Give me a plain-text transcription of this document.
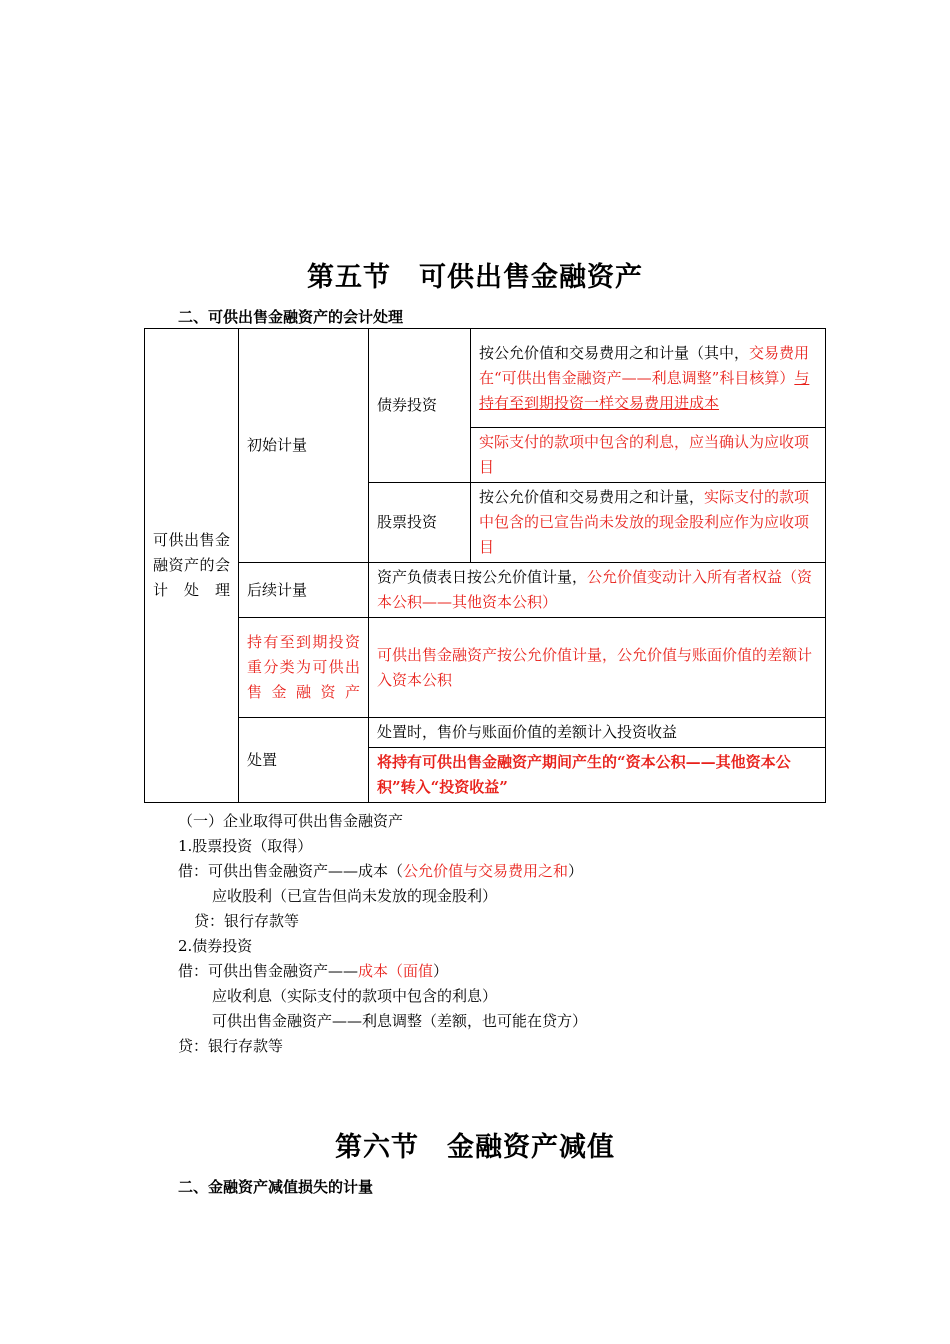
第五节　可供出售金融资产
二、可供出售金融资产的会计处理
可供出售金融资产的会计处理	初始计量	债券投资	按公允价值和交易费用之和计量（其中，交易费用在“可供出售金融资产——利息调整”科目核算）与持有至到期投资一样交易费用进成本
			实际支付的款项中包含的利息，应当确认为应收项目
		股票投资	按公允价值和交易费用之和计量，实际支付的款项中包含的已宣告尚未发放的现金股利应作为应收项目
	后续计量	资产负债表日按公允价值计量，公允价值变动计入所有者权益（资本公积——其他资本公积）	
	持有至到期投资重分类为可供出售金融资产	可供出售金融资产按公允价值计量，公允价值与账面价值的差额计入资本公积	
	处置	处置时，售价与账面价值的差额计入投资收益	
		将持有可供出售金融资产期间产生的“资本公积——其他资本公积”转入“投资收益”	
（一）企业取得可供出售金融资产
1.股票投资（取得）
借：可供出售金融资产——成本（公允价值与交易费用之和）
应收股利（已宣告但尚未发放的现金股利）
贷：银行存款等
2.债券投资
借：可供出售金融资产——成本（面值）
应收利息（实际支付的款项中包含的利息）
可供出售金融资产——利息调整（差额，也可能在贷方）
贷：银行存款等
第六节　金融资产减值
二、金融资产减值损失的计量
